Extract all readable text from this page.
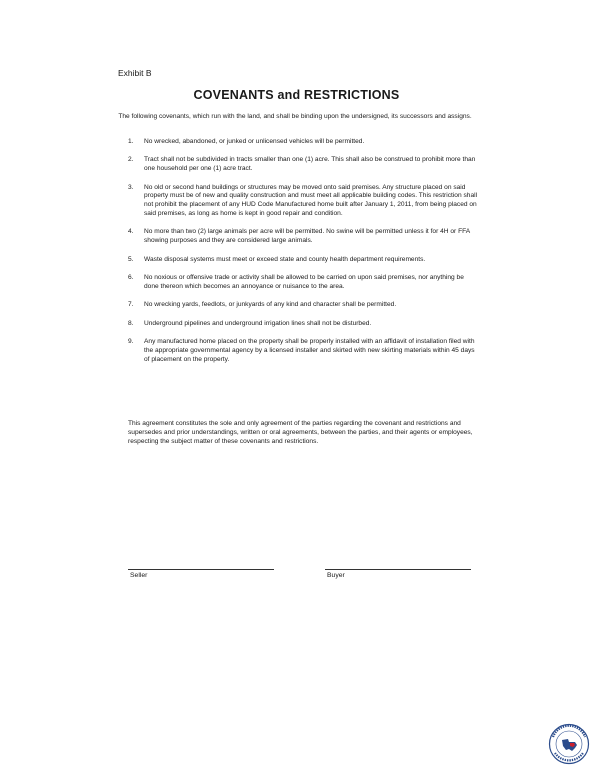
Exhibit B
COVENANTS and RESTRICTIONS
The following covenants, which run with the land, and shall be binding upon the undersigned, its successors and assigns.
1.	No wrecked, abandoned, or junked or unlicensed vehicles will be permitted.
2.	Tract shall not be subdivided in tracts smaller than one (1) acre. This shall also be construed to prohibit more than one household per one (1) acre tract.
3.	No old or second hand buildings or structures may be moved onto said premises. Any structure placed on said property must be of new and quality construction and must meet all applicable building codes. This restriction shall not prohibit the placement of any HUD Code Manufactured home built after January 1, 2011, from being placed on said premises, as long as home is kept in good repair and condition.
4.	No more than two (2) large animals per acre will be permitted. No swine will be permitted unless it for 4H or FFA showing purposes and they are considered large animals.
5.	Waste disposal systems must meet or exceed state and county health department requirements.
6.	No noxious or offensive trade or activity shall be allowed to be carried on upon said premises, nor anything be done thereon which becomes an annoyance or nuisance to the area.
7.	No wrecking yards, feedlots, or junkyards of any kind and character shall be permitted.
8.	Underground pipelines and underground irrigation lines shall not be disturbed.
9.	Any manufactured home placed on the property shall be properly installed with an affidavit of installation filed with the appropriate governmental agency by a licensed installer and skirted with new skirting materials within 45 days of placement on the property.
This agreement constitutes the sole and only agreement of the parties regarding the covenant and restrictions and supersedes and prior understandings, written or oral agreements, between the parties, and their agents or employees, respecting the subject matter of these covenants and restrictions.
Seller	Buyer
